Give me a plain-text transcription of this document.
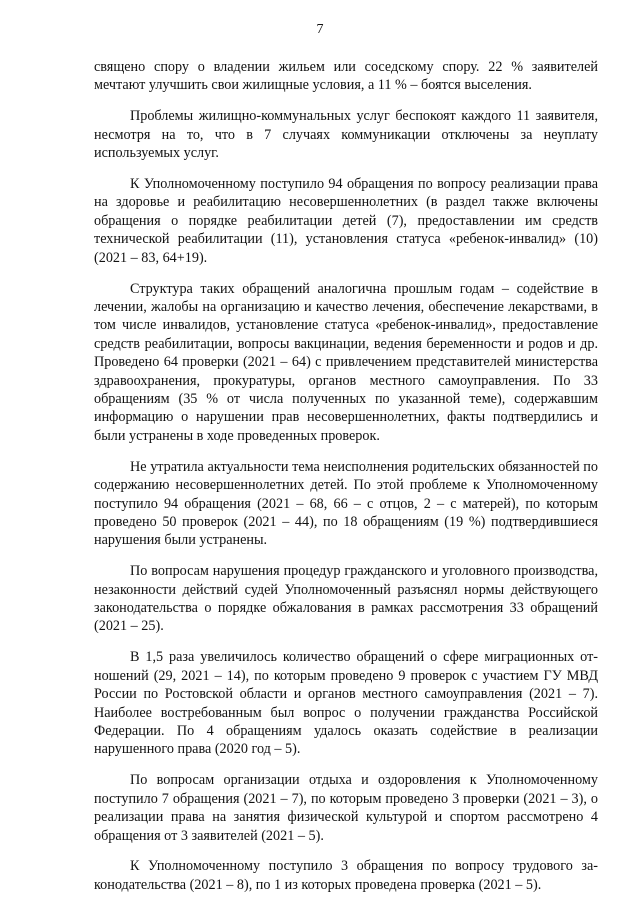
7

священо спору о владении жильем или соседскому спору. 22 % заявителей мечтают улучшить свои жилищные условия, а 11 % – боятся выселения.

Проблемы жилищно-коммунальных услуг беспокоят каждого 11 заявителя, несмотря на то, что в 7 случаях коммуникации отключены за неуплату используемых услуг.

К Уполномоченному поступило 94 обращения по вопросу реализации права на здоровье и реабилитацию несовершеннолетних (в раздел также включены обращения о порядке реабилитации детей (7), предоставлении им средств технической реабилитации (11), установления статуса «ребенок-инвалид» (10) (2021 – 83, 64+19).

Структура таких обращений аналогична прошлым годам – содействие в лечении, жалобы на организацию и качество лечения, обеспечение лекарствами, в том числе инвалидов, установление статуса «ребенок-инвалид», предоставление средств реабилитации, вопросы вакцинации, ведения беременности и родов и др. Проведено 64 проверки (2021 – 64) с привлечением представителей министерства здравоохранения, прокуратуры, органов местного самоуправления. По 33 обращениям (35 % от числа полученных по указанной теме), содержавшим информацию о нарушении прав несовершеннолетних, факты подтвердились и были устранены в ходе проведенных проверок.

Не утратила актуальности тема неисполнения родительских обязанностей по содержанию несовершеннолетних детей. По этой проблеме к Уполномоченному поступило 94 обращения (2021 – 68, 66 – с отцов, 2 – с матерей), по которым проведено 50 проверок (2021 – 44), по 18 обращениям (19 %) подтвердившиеся нарушения были устранены.

По вопросам нарушения процедур гражданского и уголовного производства, незаконности действий судей Уполномоченный разъяснял нормы действующего законодательства о порядке обжалования в рамках рассмотрения 33 обращений (2021 – 25).

В 1,5 раза увеличилось количество обращений о сфере миграционных отношений (29, 2021 – 14), по которым проведено 9 проверок с участием ГУ МВД России по Ростовской области и органов местного самоуправления (2021 – 7). Наиболее востребованным был вопрос о получении гражданства Российской Федерации. По 4 обращениям удалось оказать содействие в реализации нарушенного права (2020 год – 5).

По вопросам организации отдыха и оздоровления к Уполномоченному поступило 7 обращения (2021 – 7), по которым проведено 3 проверки (2021 – 3), о реализации права на занятия физической культурой и спортом рассмотрено 4 обращения от 3 заявителей (2021 – 5).

К Уполномоченному поступило 3 обращения по вопросу трудового законодательства (2021 – 8), по 1 из которых проведена проверка (2021 – 5).
